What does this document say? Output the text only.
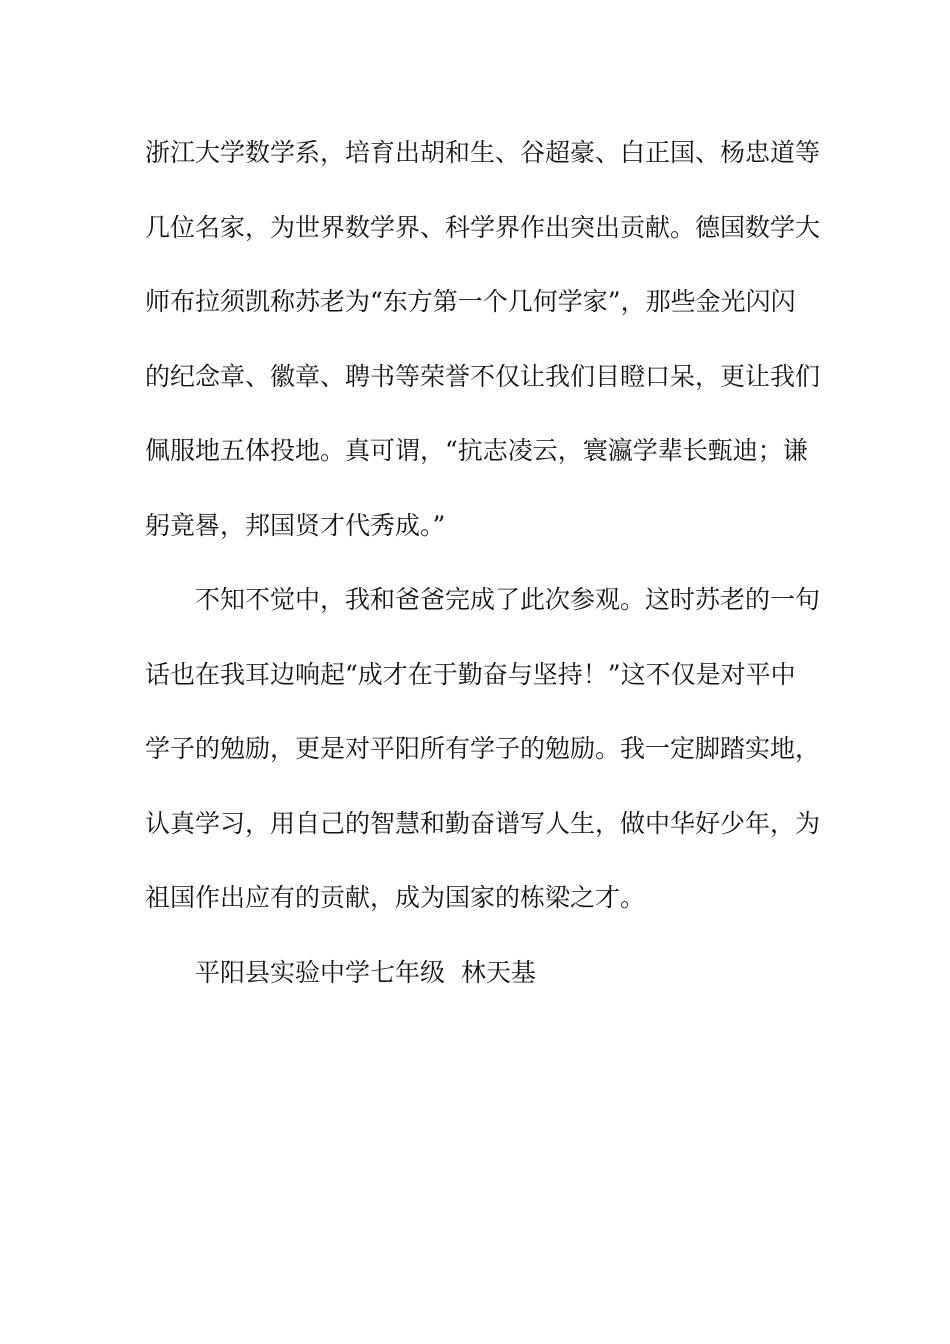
浙江大学数学系，培育出胡和生、谷超豪、白正国、杨忠道等
几位名家，为世界数学界、科学界作出突出贡献。德国数学大
师布拉须凯称苏老为“东方第一个几何学家”，那些金光闪闪
的纪念章、徽章、聘书等荣誉不仅让我们目瞪口呆，更让我们
佩服地五体投地。真可谓，“抗志凌云，寰瀛学辈长甄迪；谦
躬竟晷，邦国贤才代秀成。”
不知不觉中，我和爸爸完成了此次参观。这时苏老的一句
话也在我耳边响起“成才在于勤奋与坚持！”这不仅是对平中
学子的勉励，更是对平阳所有学子的勉励。我一定脚踏实地，
认真学习，用自己的智慧和勤奋谱写人生，做中华好少年，为
祖国作出应有的贡献，成为国家的栋梁之才。
平阳县实验中学七年级  林天基
